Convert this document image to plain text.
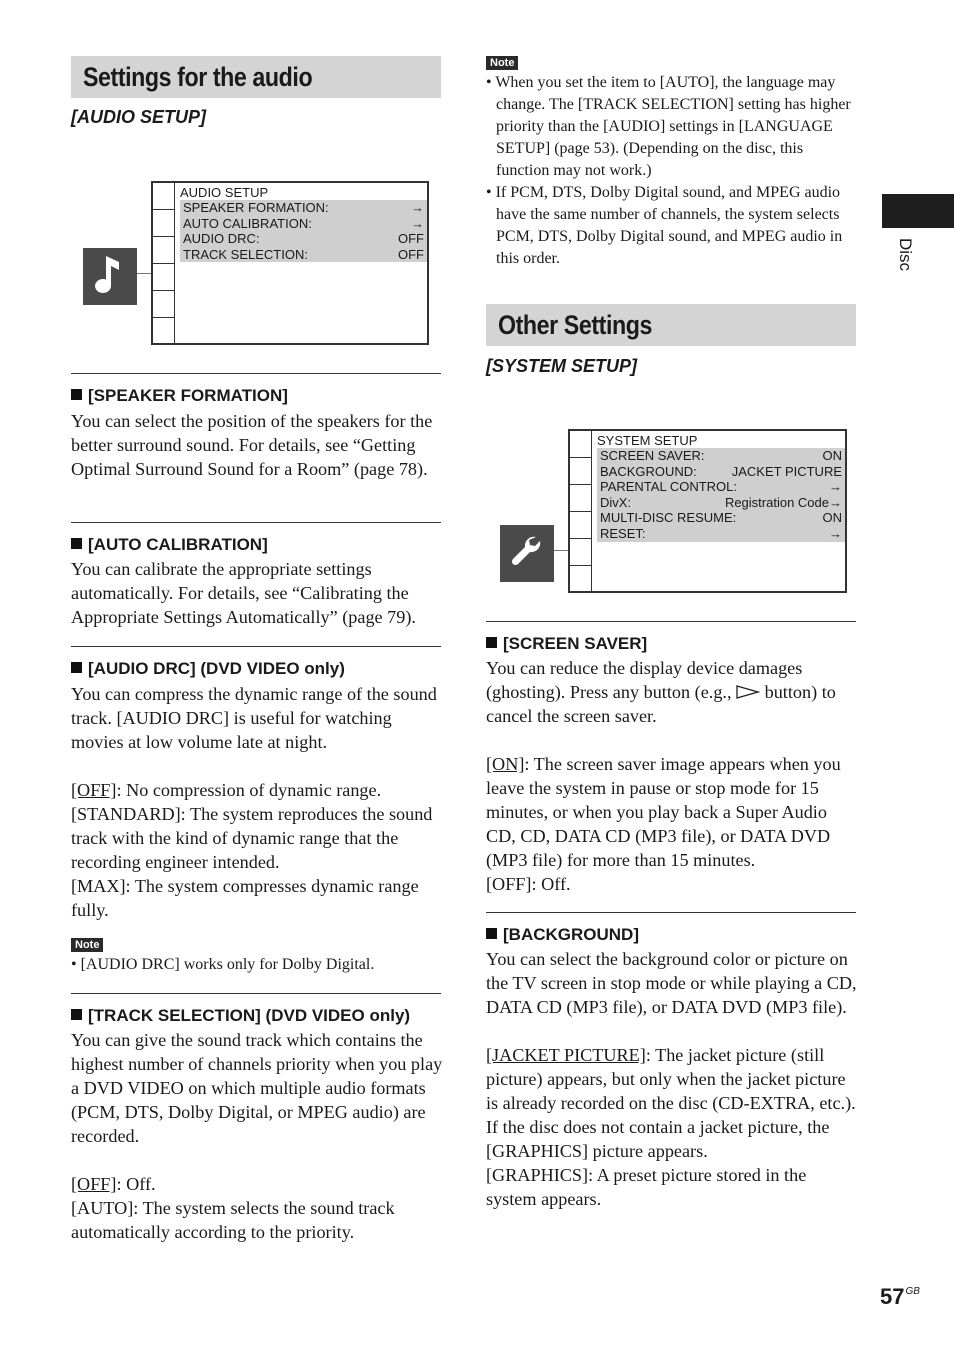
Disc
Settings for the audio
[AUDIO SETUP]
AUDIO SETUP
SPEAKER FORMATION:	→
AUTO CALIBRATION:	→
AUDIO DRC:	OFF
TRACK SELECTION:	OFF
[SPEAKER FORMATION]

You can select the position of the speakers for the better surround sound. For details, see “Getting Optimal Surround Sound for a Room” (page 78).

[AUTO CALIBRATION]

You can calibrate the appropriate settings automatically. For details, see “Calibrating the Appropriate Settings Automatically” (page 79).

[AUDIO DRC] (DVD VIDEO only)

You can compress the dynamic range of the sound track. [AUDIO DRC] is useful for watching movies at low volume late at night.

[OFF]: No compression of dynamic range.

[STANDARD]: The system reproduces the sound track with the kind of dynamic range that the recording engineer intended.

[MAX]: The system compresses dynamic range fully.

Note
• [AUDIO DRC] works only for Dolby Digital.
[TRACK SELECTION] (DVD VIDEO only)

You can give the sound track which contains the highest number of channels priority when you play a DVD VIDEO on which multiple audio formats (PCM, DTS, Dolby Digital, or MPEG audio) are recorded.

[OFF]: Off.

[AUTO]: The system selects the sound track automatically according to the priority.

Note
• When you set the item to [AUTO], the language may change. The [TRACK SELECTION] setting has higher priority than the [AUDIO] settings in [LANGUAGE SETUP] (page 53). (Depending on the disc, this function may not work.)
• If PCM, DTS, Dolby Digital sound, and MPEG audio have the same number of channels, the system selects PCM, DTS, Dolby Digital sound, and MPEG audio in this order.
Other Settings
[SYSTEM SETUP]
SYSTEM SETUP
SCREEN SAVER:	ON
BACKGROUND:	JACKET PICTURE
PARENTAL CONTROL:	→
DivX:	Registration Code→
MULTI-DISC RESUME:	ON
RESET:	→
[SCREEN SAVER]

You can reduce the display device damages (ghosting). Press any button (e.g., button) to cancel the screen saver.

[ON]: The screen saver image appears when you leave the system in pause or stop mode for 15 minutes, or when you play back a Super Audio CD, CD, DATA CD (MP3 file), or DATA DVD (MP3 file) for more than 15 minutes.

[OFF]: Off.

[BACKGROUND]

You can select the background color or picture on the TV screen in stop mode or while playing a CD, DATA CD (MP3 file), or DATA DVD (MP3 file).

[JACKET PICTURE]: The jacket picture (still picture) appears, but only when the jacket picture is already recorded on the disc (CD-EXTRA, etc.). If the disc does not contain a jacket picture, the [GRAPHICS] picture appears.

[GRAPHICS]: A preset picture stored in the system appears.

$57^{GB}$
